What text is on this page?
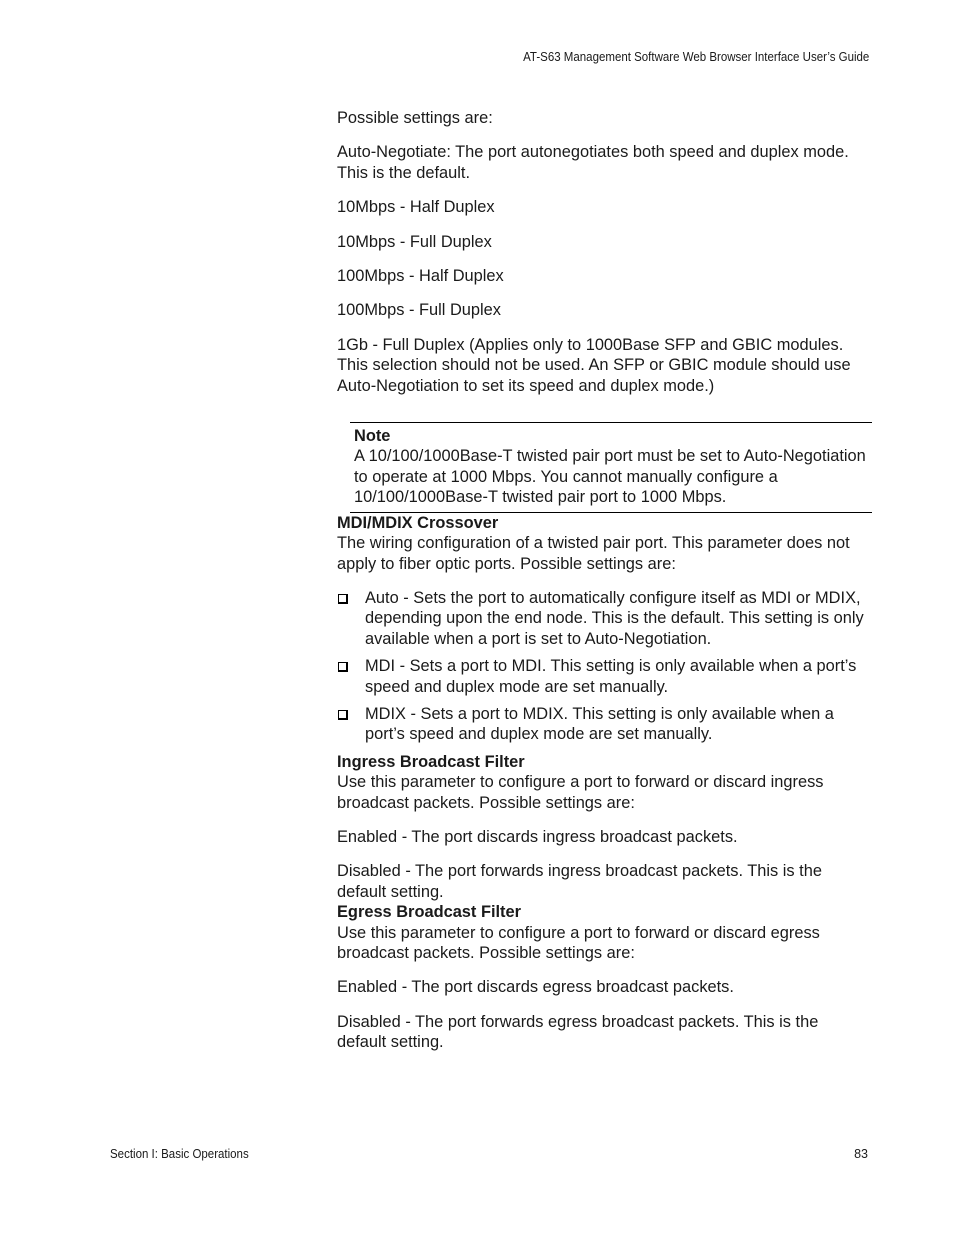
AT-S63 Management Software Web Browser Interface User’s Guide

Possible settings are:

Auto-Negotiate: The port autonegotiates both speed and duplex mode. This is the default.

10Mbps - Half Duplex

10Mbps - Full Duplex

100Mbps - Half Duplex

100Mbps - Full Duplex

1Gb - Full Duplex (Applies only to 1000Base SFP and GBIC modules. This selection should not be used. An SFP or GBIC module should use Auto-Negotiation to set its speed and duplex mode.)

Note
A 10/100/1000Base-T twisted pair port must be set to Auto-Negotiation to operate at 1000 Mbps. You cannot manually configure a 10/100/1000Base-T twisted pair port to 1000 Mbps.

MDI/MDIX Crossover

The wiring configuration of a twisted pair port. This parameter does not apply to fiber optic ports. Possible settings are:

Auto - Sets the port to automatically configure itself as MDI or MDIX, depending upon the end node. This is the default. This setting is only available when a port is set to Auto-Negotiation.
MDI - Sets a port to MDI. This setting is only available when a port’s speed and duplex mode are set manually.
MDIX - Sets a port to MDIX. This setting is only available when a port’s speed and duplex mode are set manually.

Ingress Broadcast Filter

Use this parameter to configure a port to forward or discard ingress broadcast packets. Possible settings are:

Enabled - The port discards ingress broadcast packets.

Disabled - The port forwards ingress broadcast packets. This is the default setting.

Egress Broadcast Filter

Use this parameter to configure a port to forward or discard egress broadcast packets. Possible settings are:

Enabled - The port discards egress broadcast packets.

Disabled - The port forwards egress broadcast packets. This is the default setting.

Section I: Basic Operations	83
